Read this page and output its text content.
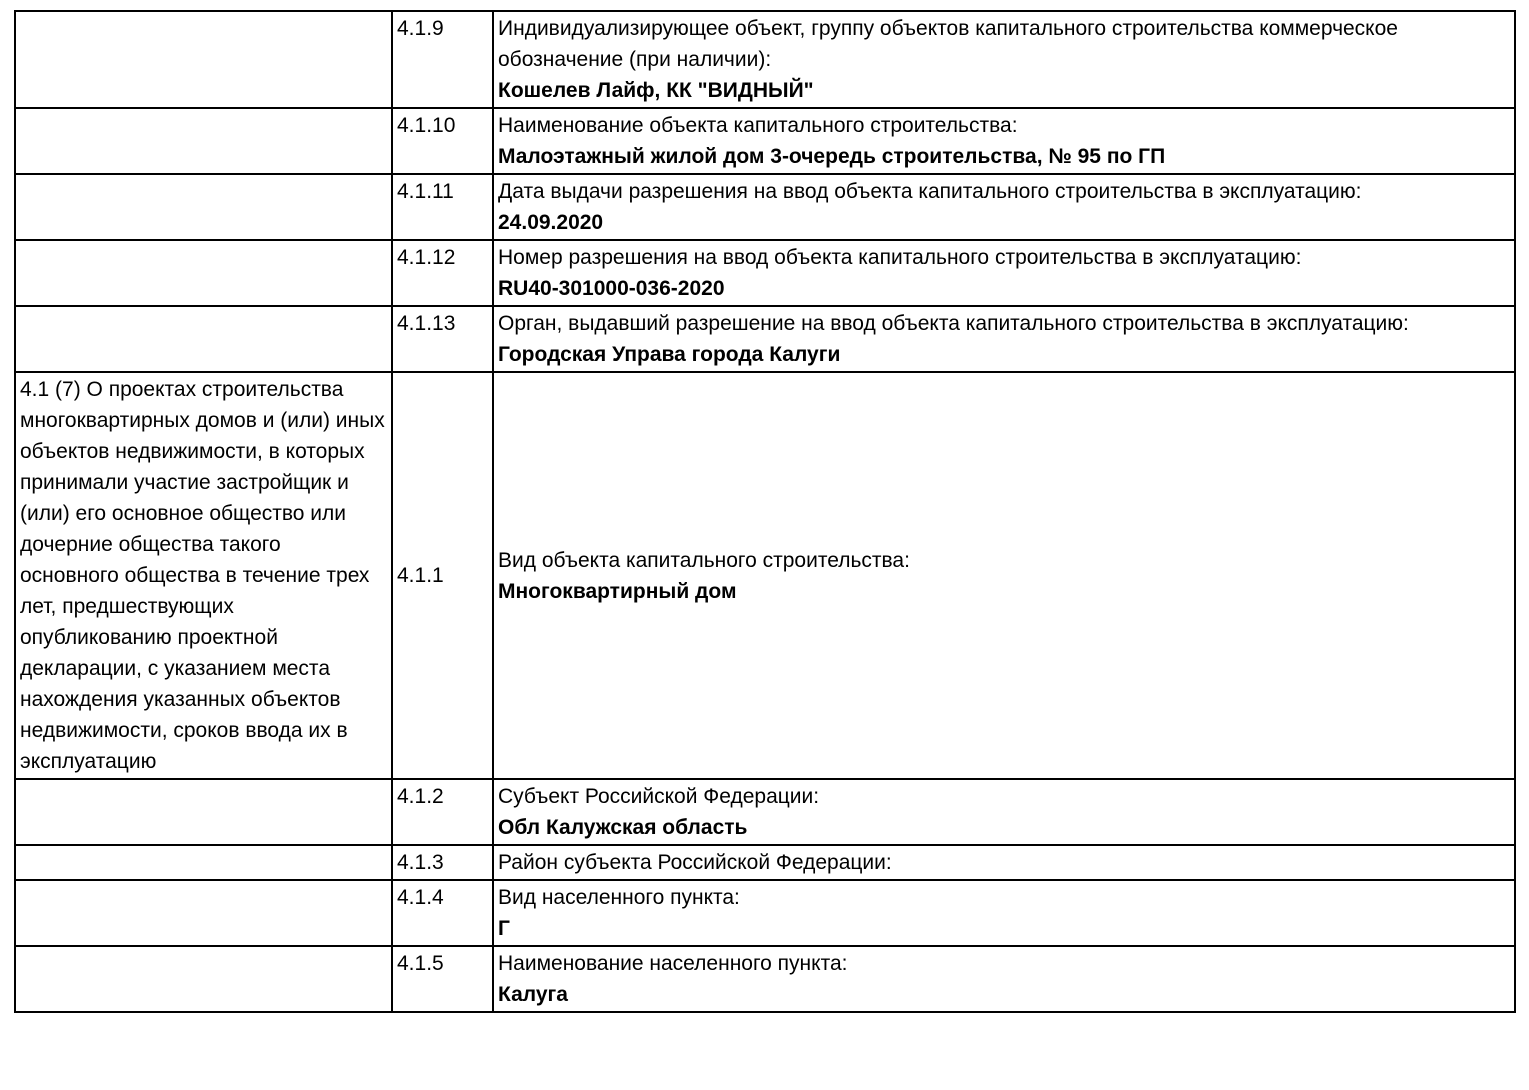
	4.1.9	Индивидуализирующее объект, группу объектов капитального строительства коммерческое обозначение (при наличии):
Кошелев Лайф, КК "ВИДНЫЙ"

	4.1.10	Наименование объекта капитального строительства:
Малоэтажный жилой дом 3-очередь строительства, № 95 по ГП

	4.1.11	Дата выдачи разрешения на ввод объекта капитального строительства в эксплуатацию:
24.09.2020

	4.1.12	Номер разрешения на ввод объекта капитального строительства в эксплуатацию:
RU40-301000-036-2020

	4.1.13	Орган, выдавший разрешение на ввод объекта капитального строительства в эксплуатацию:
Городская Управа города Калуги

4.1 (7) О проектах строительства многоквартирных домов и (или) иных объектов недвижимости, в которых принимали участие застройщик и (или) его основное общество или дочерние общества такого основного общества в течение трех лет, предшествующих опубликованию проектной декларации, с указанием места нахождения указанных объектов недвижимости, сроков ввода их в эксплуатацию	4.1.1	Вид объекта капитального строительства:
Многоквартирный дом

	4.1.2	Субъект Российской Федерации:
Обл Калужская область

	4.1.3	Район субъекта Российской Федерации:

	4.1.4	Вид населенного пункта:
Г

	4.1.5	Наименование населенного пункта:
Калуга
